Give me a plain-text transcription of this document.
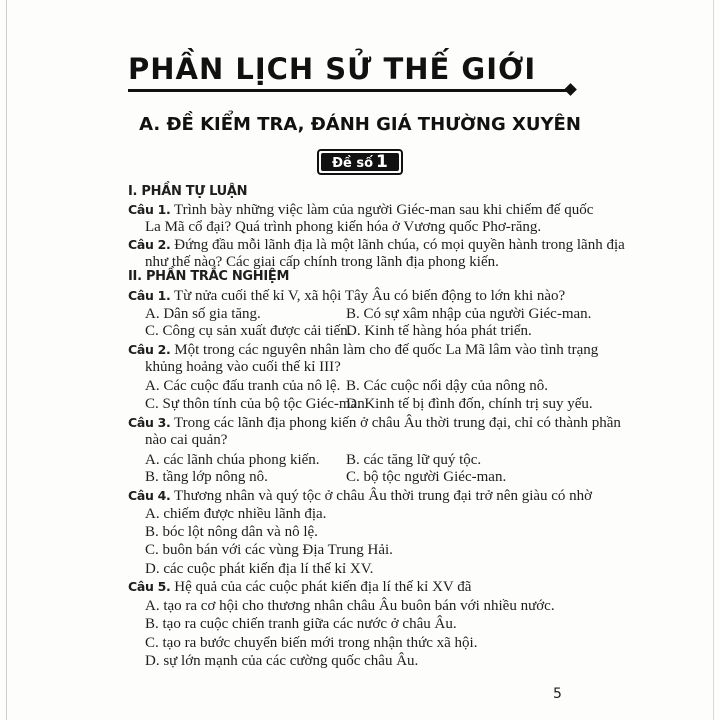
PHẦN LỊCH SỬ THẾ GIỚI
A. ĐỀ KIỂM TRA, ĐÁNH GIÁ THƯỜNG XUYÊN
Đề số 1
I. PHẦN TỰ LUẬN
Câu 1. Trình bày những việc làm của người Giéc-man sau khi chiếm đế quốc
La Mã cổ đại? Quá trình phong kiến hóa ở Vương quốc Phơ-răng.
Câu 2. Đứng đầu mỗi lãnh địa là một lãnh chúa, có mọi quyền hành trong lãnh địa
như thế nào? Các giai cấp chính trong lãnh địa phong kiến.
II. PHẦN TRẮC NGHIỆM
Câu 1. Từ nửa cuối thế kỉ V, xã hội Tây Âu có biến động to lớn khi nào?
A. Dân số gia tăng.	B. Có sự xâm nhập của người Giéc-man.
C. Công cụ sản xuất được cải tiến.
D. Kinh tế hàng hóa phát triển.
Câu 2. Một trong các nguyên nhân làm cho đế quốc La Mã lâm vào tình trạng
khủng hoảng vào cuối thế kỉ III?
A. Các cuộc đấu tranh của nô lệ. B. Các cuộc nổi dậy của nông nô.
C. Sự thôn tính của bộ tộc Giéc-man.
D. Kinh tế bị đình đốn, chính trị suy yếu.
Câu 3. Trong các lãnh địa phong kiến ở châu Âu thời trung đại, chỉ có thành phần
nào cai quản?
A. các lãnh chúa phong kiến. B. các tăng lữ quý tộc.
B. tầng lớp nông nô.	C. bộ tộc người Giéc-man.
Câu 4. Thương nhân và quý tộc ở châu Âu thời trung đại trở nên giàu có nhờ
A. chiếm được nhiều lãnh địa.
B. bóc lột nông dân và nô lệ.
C. buôn bán với các vùng Địa Trung Hải.
D. các cuộc phát kiến địa lí thế kỉ XV.
Câu 5. Hệ quả của các cuộc phát kiến địa lí thế kỉ XV đã
A. tạo ra cơ hội cho thương nhân châu Âu buôn bán với nhiều nước.
B. tạo ra cuộc chiến tranh giữa các nước ở châu Âu.
C. tạo ra bước chuyển biến mới trong nhận thức xã hội.
D. sự lớn mạnh của các cường quốc châu Âu.
5
